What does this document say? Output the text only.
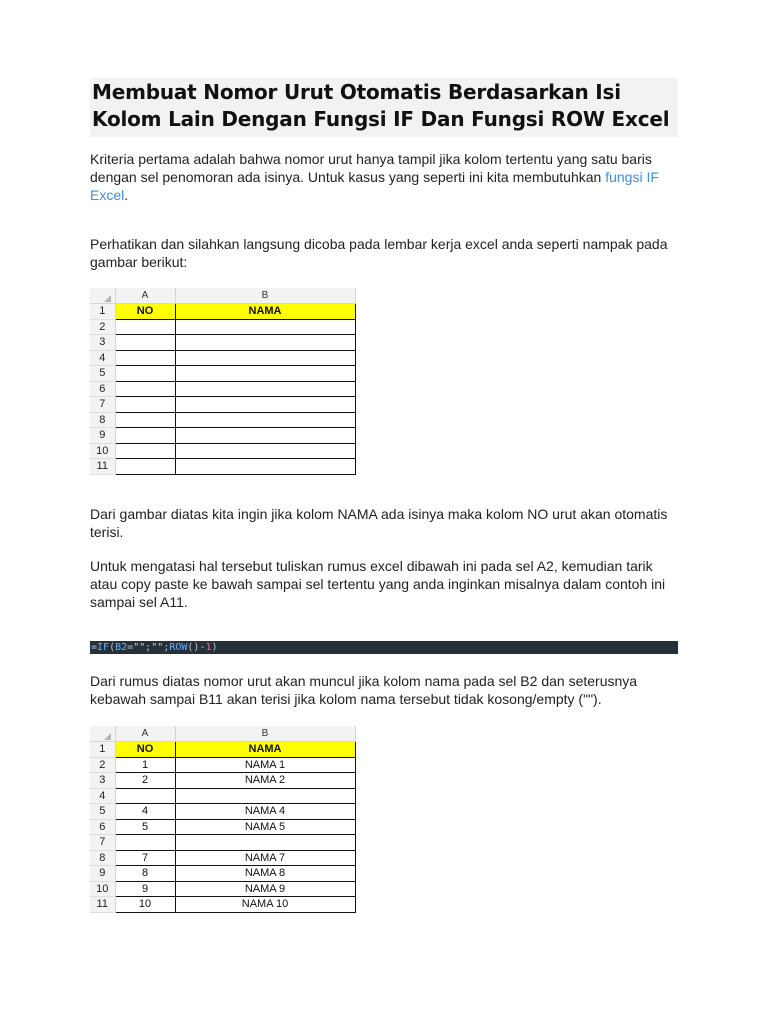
Membuat Nomor Urut Otomatis Berdasarkan Isi Kolom Lain Dengan Fungsi IF Dan Fungsi ROW Excel
Kriteria pertama adalah bahwa nomor urut hanya tampil jika kolom tertentu yang satu baris dengan sel penomoran ada isinya. Untuk kasus yang seperti ini kita membutuhkan fungsi IF Excel.
Perhatikan dan silahkan langsung dicoba pada lembar kerja excel anda seperti nampak pada gambar berikut:
	A	B
1	NO	NAMA
2		
3		
4		
5		
6		
7		
8		
9		
10		
11		
Dari gambar diatas kita ingin jika kolom NAMA ada isinya maka kolom NO urut akan otomatis terisi.
Untuk mengatasi hal tersebut tuliskan rumus excel dibawah ini pada sel A2, kemudian tarik atau copy paste ke bawah sampai sel tertentu yang anda inginkan misalnya dalam contoh ini sampai sel A11.
=IF(B2="";"";ROW()-1)
Dari rumus diatas nomor urut akan muncul jika kolom nama pada sel B2 dan seterusnya kebawah sampai B11 akan terisi jika kolom nama tersebut tidak kosong/empty ("").
	A	B
1	NO	NAMA
2	1	NAMA 1
3	2	NAMA 2
4		
5	4	NAMA 4
6	5	NAMA 5
7		
8	7	NAMA 7
9	8	NAMA 8
10	9	NAMA 9
11	10	NAMA 10
